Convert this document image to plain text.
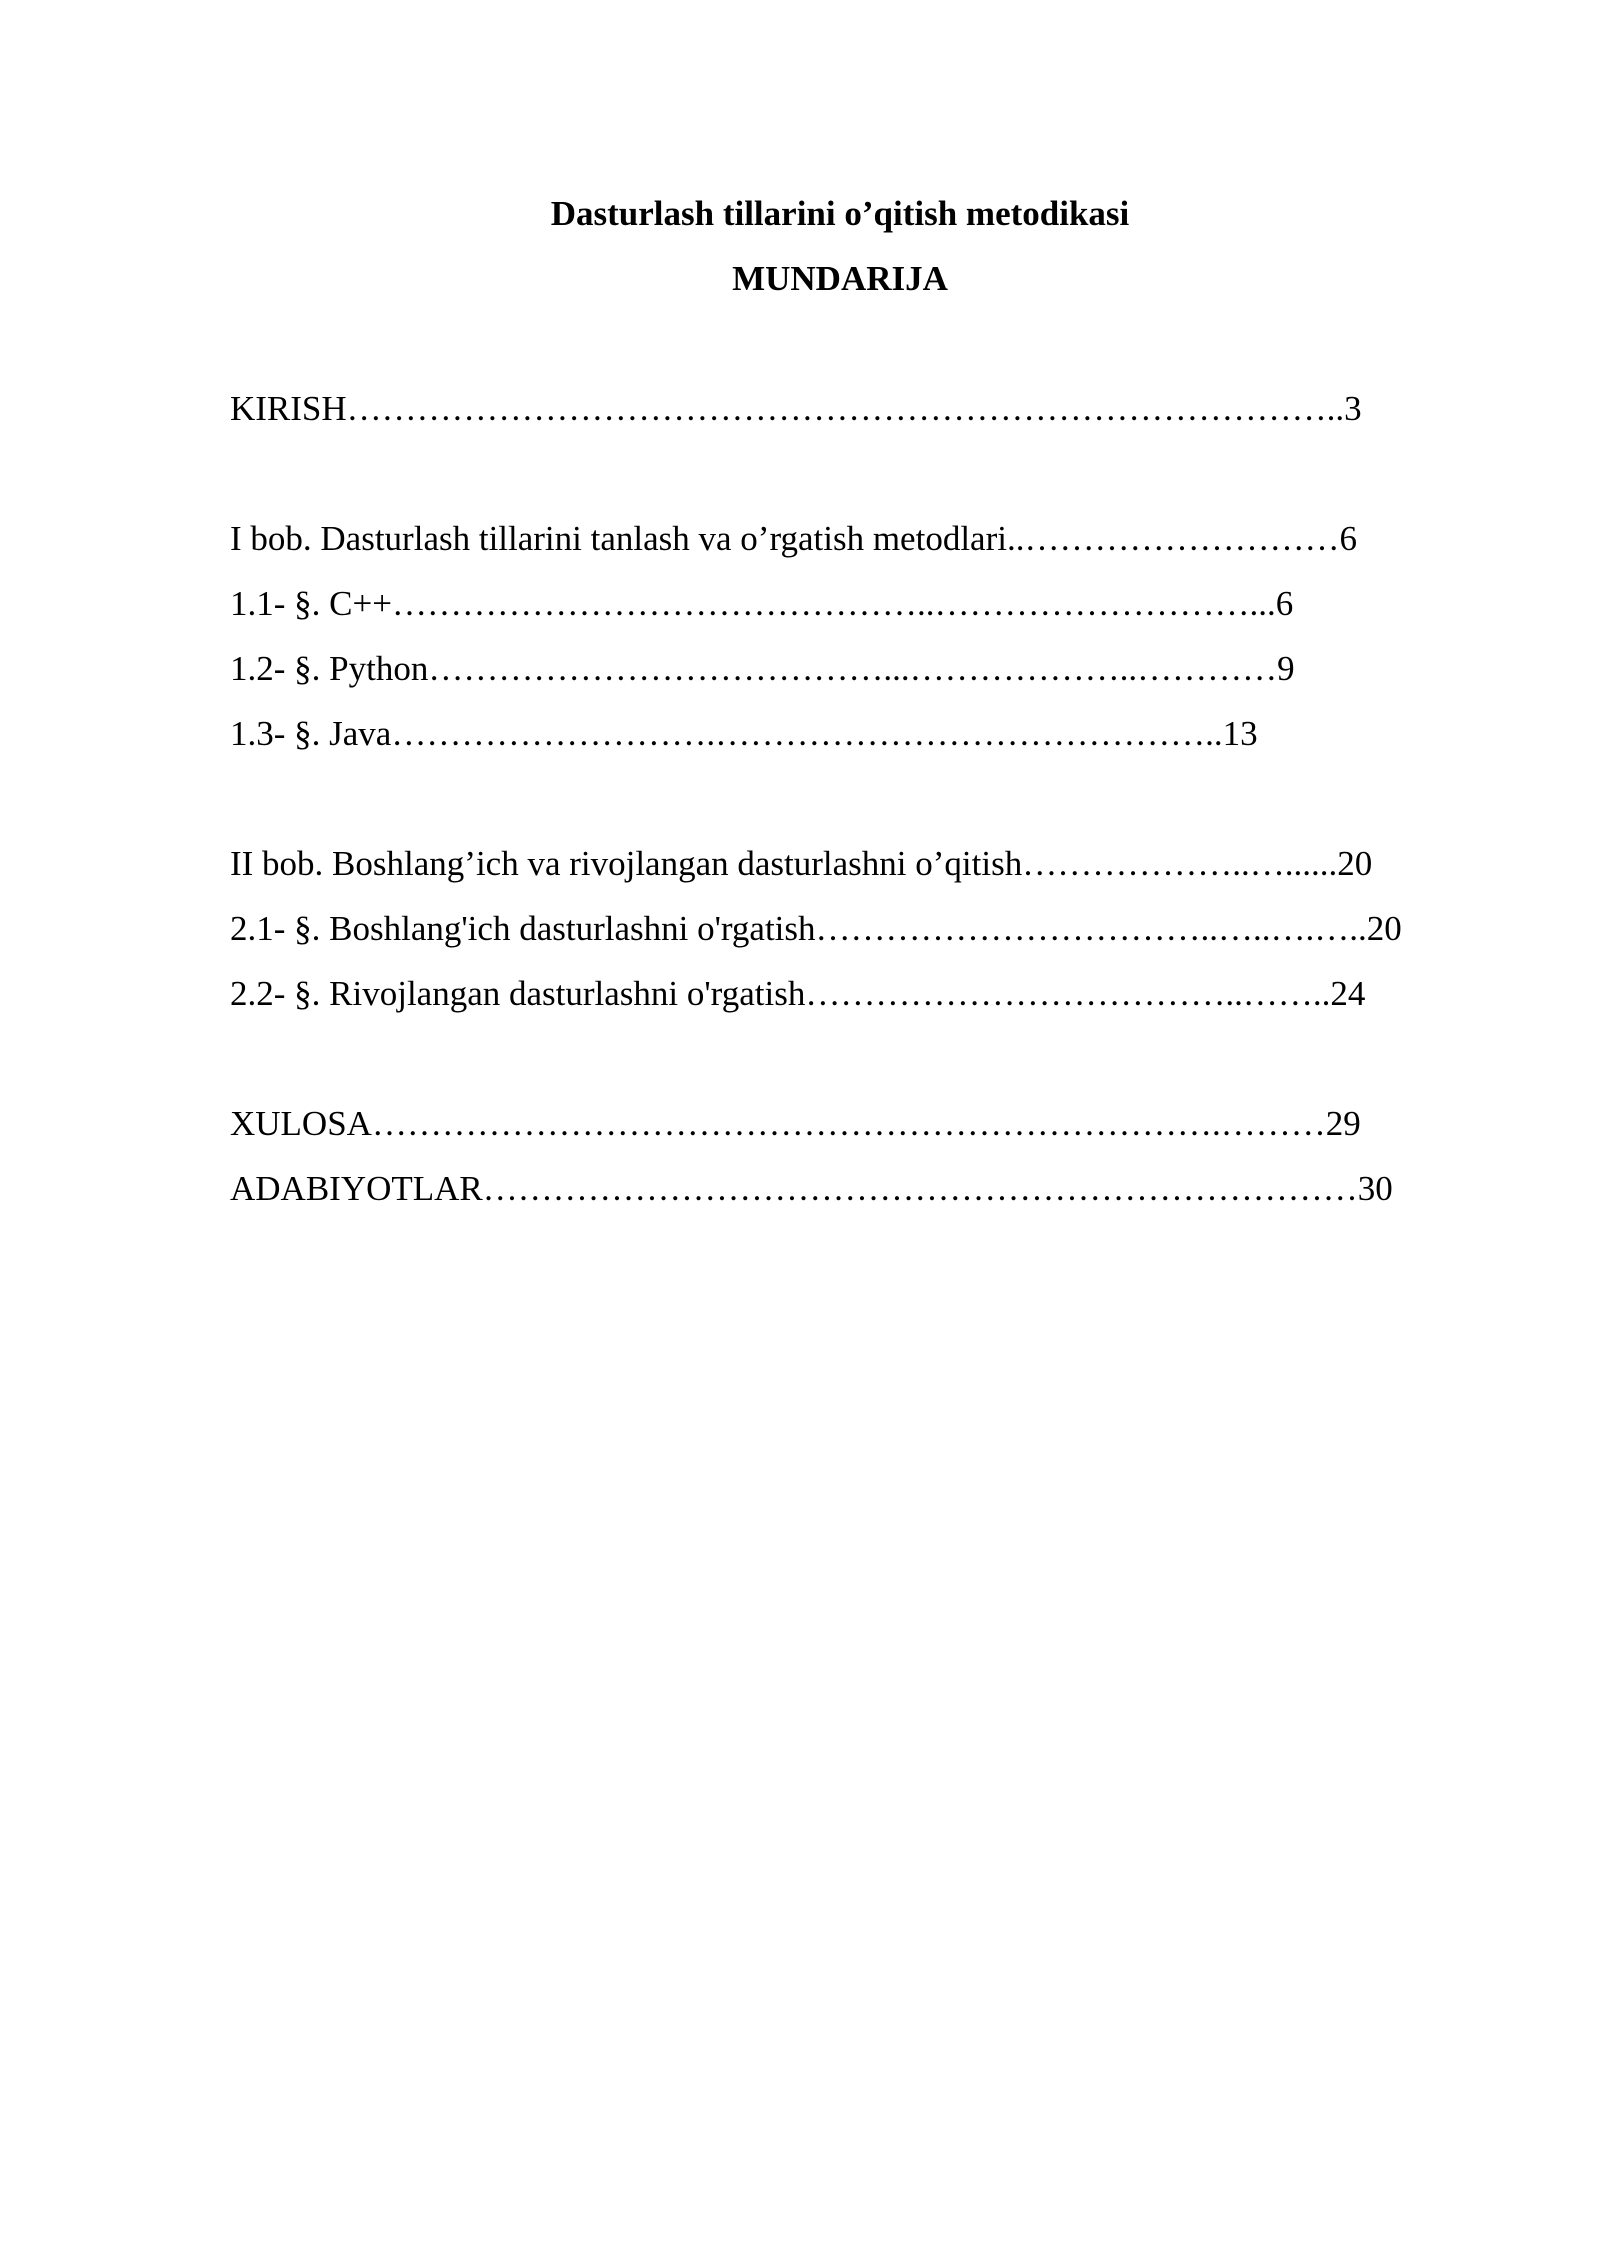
Dasturlash tillarini o’qitish metodikasi
MUNDARIJA
KIRISH…………………………………………………………………………..3
I bob. Dasturlash tillarini tanlash va o’rgatish metodlari..………………………6
1.1- §. C++………………………………………..………………………...6
1.2- §. Python…………………………………...………………..…………9
1.3- §. Java……………………….……………………………………..13
II bob. Boshlang’ich va rivojlangan dasturlashni o’qitish………………..…......20
2.1- §. Boshlang'ich dasturlashni o'rgatish……………………………..…..….…..20
2.2- §. Rivojlangan dasturlashni o'rgatish………………………………..……..24
XULOSA……………………………………………………………….………29
ADABIYOTLAR…………………………………………………………………30
